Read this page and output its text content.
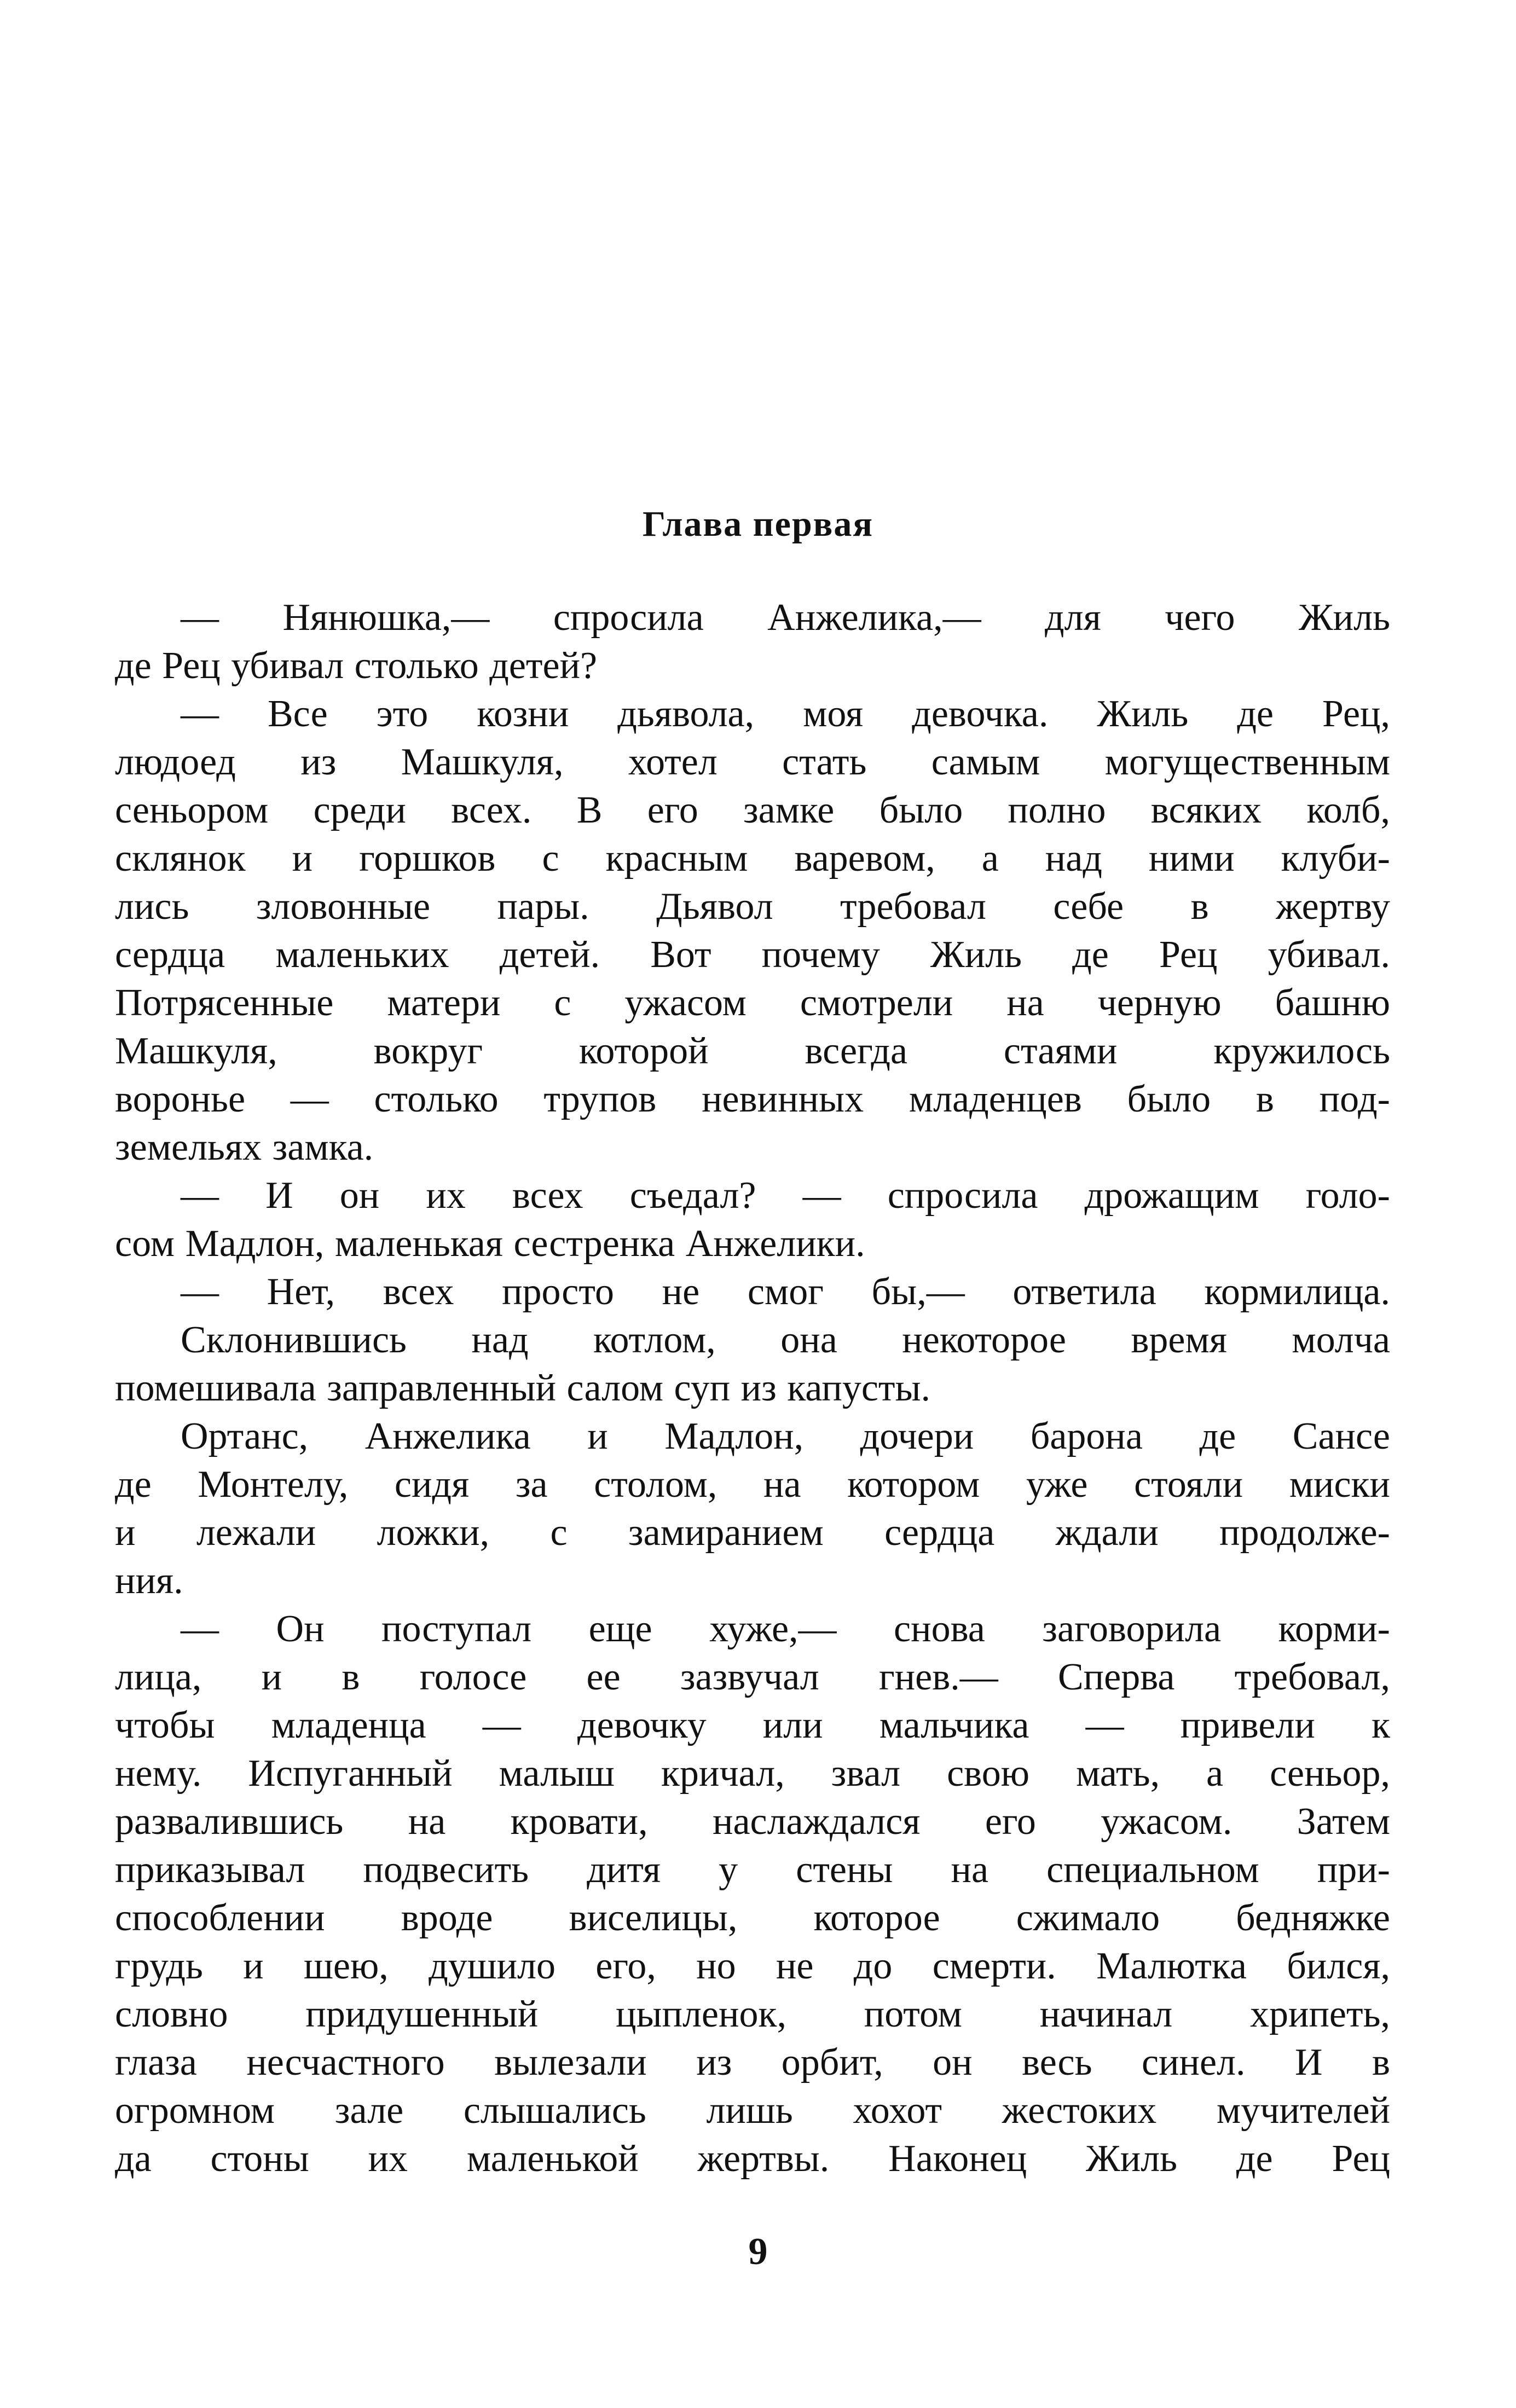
Глава первая
— Нянюшка,— спросила Анжелика,— для чего Жиль
де Рец убивал столько детей?
— Все это козни дьявола, моя девочка. Жиль де Рец,
людоед из Машкуля, хотел стать самым могущественным
сеньором среди всех. В его замке было полно всяких колб,
склянок и горшков с красным варевом, а над ними клуби-
лись зловонные пары. Дьявол требовал себе в жертву
сердца маленьких детей. Вот почему Жиль де Рец убивал.
Потрясенные матери с ужасом смотрели на черную башню
Машкуля, вокруг которой всегда стаями кружилось
воронье — столько трупов невинных младенцев было в под-
земельях замка.
— И он их всех съедал? — спросила дрожащим голо-
сом Мадлон, маленькая сестренка Анжелики.
— Нет, всех просто не смог бы,— ответила кормилица.
Склонившись над котлом, она некоторое время молча
помешивала заправленный салом суп из капусты.
Ортанс, Анжелика и Мадлон, дочери барона де Сансе
де Монтелу, сидя за столом, на котором уже стояли миски
и лежали ложки, с замиранием сердца ждали продолже-
ния.
— Он поступал еще хуже,— снова заговорила корми-
лица, и в голосе ее зазвучал гнев.— Сперва требовал,
чтобы младенца — девочку или мальчика — привели к
нему. Испуганный малыш кричал, звал свою мать, а сеньор,
развалившись на кровати, наслаждался его ужасом. Затем
приказывал подвесить дитя у стены на специальном при-
способлении вроде виселицы, которое сжимало бедняжке
грудь и шею, душило его, но не до смерти. Малютка бился,
словно придушенный цыпленок, потом начинал хрипеть,
глаза несчастного вылезали из орбит, он весь синел. И в
огромном зале слышались лишь хохот жестоких мучителей
да стоны их маленькой жертвы. Наконец Жиль де Рец
9
